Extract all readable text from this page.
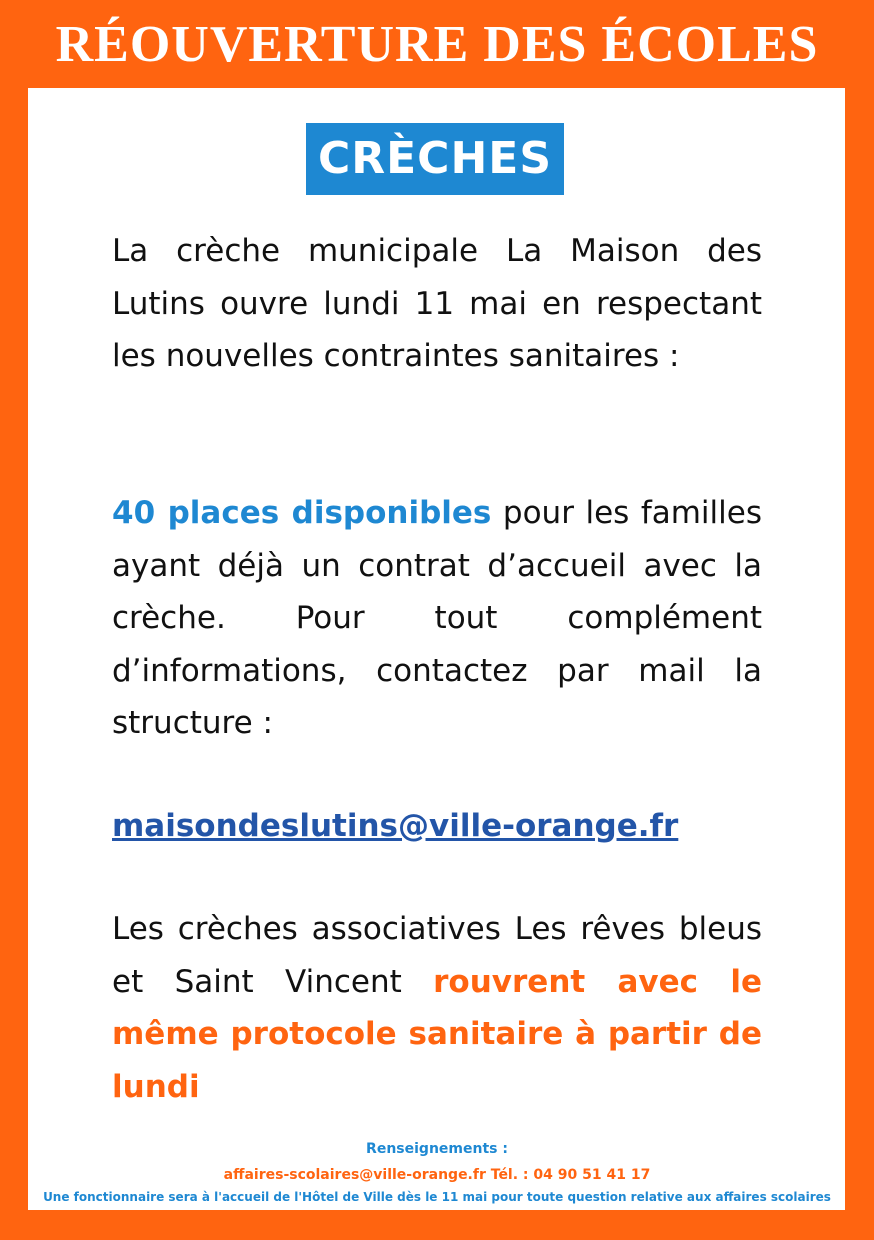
RÉOUVERTURE DES ÉCOLES
CRÈCHES

La crèche municipale La Maison des Lutins ouvre lundi 11 mai en respectant les nouvelles contraintes sanitaires :

40 places disponibles pour les familles ayant déjà un contrat d’accueil avec la crèche. Pour tout complément d’informations, contactez par mail la structure :

maisondeslutins@ville-orange.fr

Les crèches associatives Les rêves bleus et Saint Vincent rouvrent avec le même protocole sanitaire à partir de lundi

Renseignements :
affaires-scolaires@ville-orange.fr Tél. : 04 90 51 41 17
Une fonctionnaire sera à l'accueil de l'Hôtel de Ville dès le 11 mai pour toute question relative aux affaires scolaires
